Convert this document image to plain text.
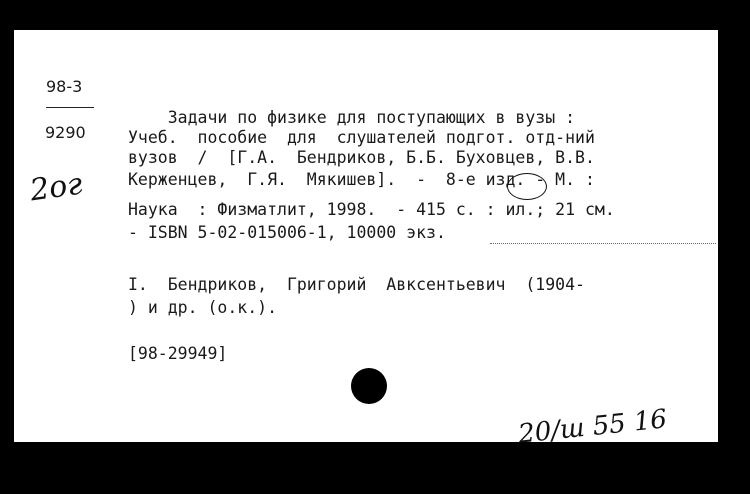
98-3
9290
2ог
Задачи по физике для поступающих в вузы :
Учеб.  пособие  для  слушателей подгот. отд-ний
вузов  /  [Г.А.  Бендриков, Б.Б. Буховцев, В.В.
Керженцев,  Г.Я.  Мякишев].  -  8-е изд. - М. :
Наука  : Физматлит, 1998.  - 415 с. : ил.; 21 см.
- ISBN 5-02-015006-1, 10000 экз.
I.  Бендриков,  Григорий  Авксентьевич  (1904-
) и др. (о.к.).
[98-29949]
20/ш 55 16
